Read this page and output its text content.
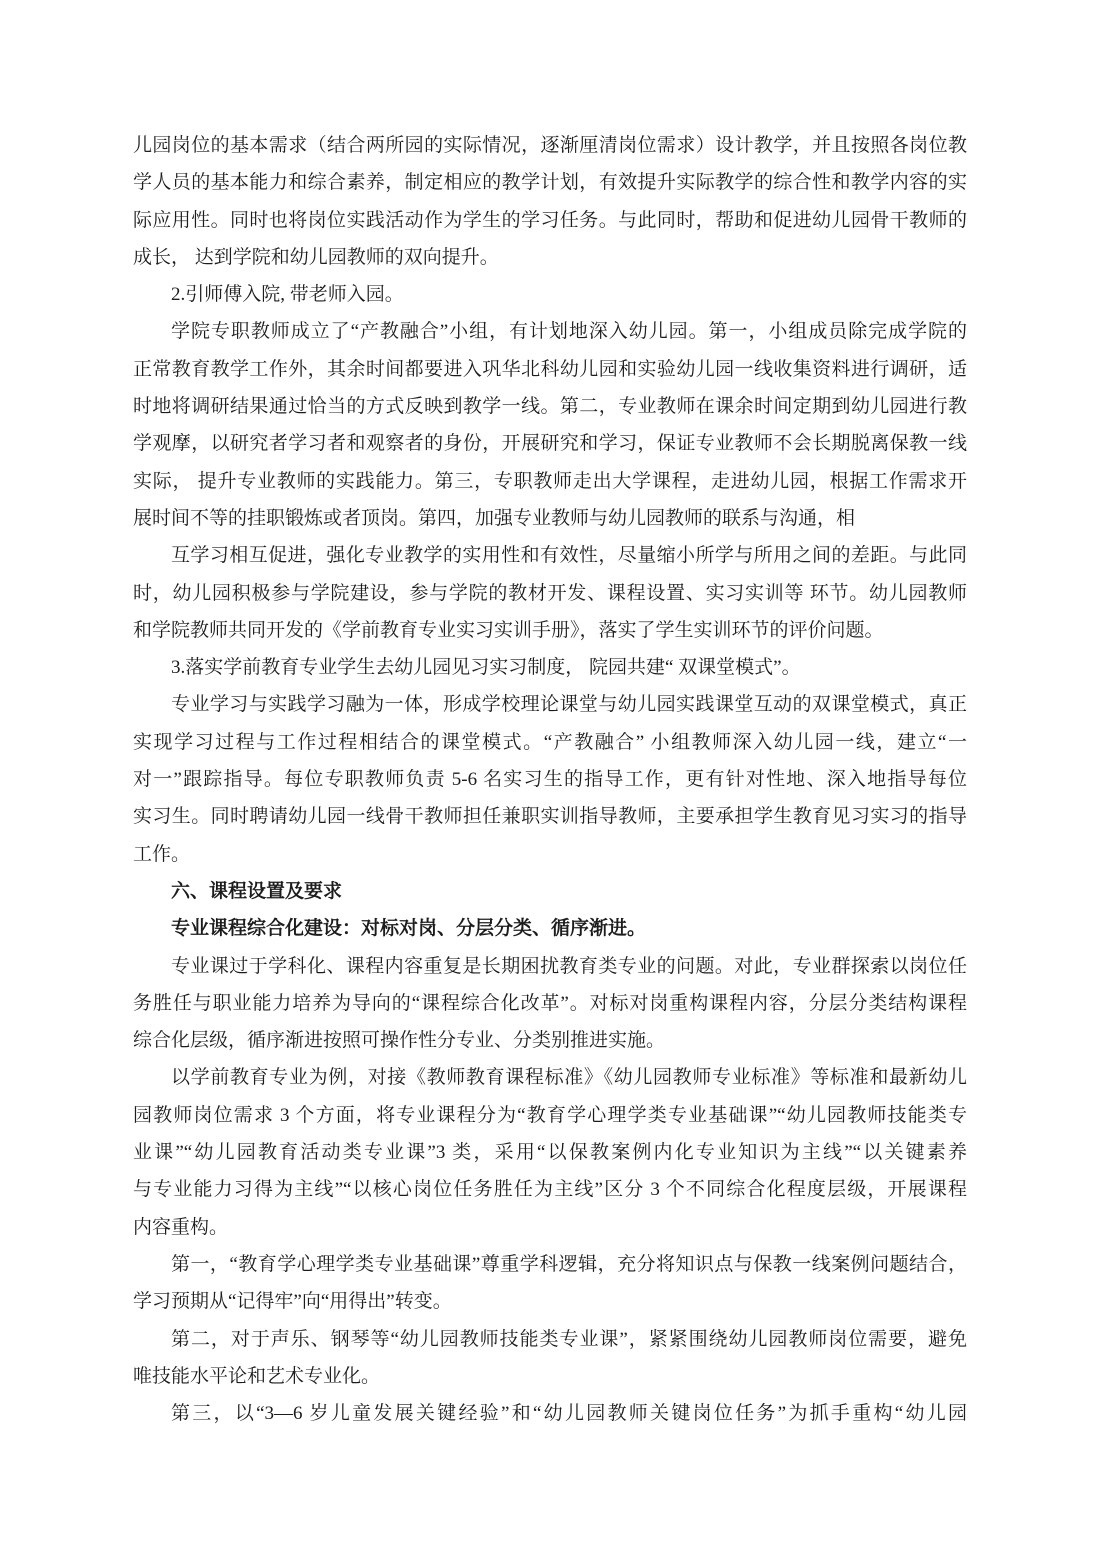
儿园岗位的基本需求（结合两所园的实际情况，逐渐厘清岗位需求）设计教学，并且按照各岗位教
学人员的基本能力和综合素养，制定相应的教学计划，有效提升实际教学的综合性和教学内容的实
际应用性。同时也将岗位实践活动作为学生的学习任务。与此同时，帮助和促进幼儿园骨干教师的
成长， 达到学院和幼儿园教师的双向提升。
2.引师傅入院, 带老师入园。
学院专职教师成立了“产教融合”小组，有计划地深入幼儿园。第一，小组成员除完成学院的
正常教育教学工作外，其余时间都要进入巩华北科幼儿园和实验幼儿园一线收集资料进行调研，适
时地将调研结果通过恰当的方式反映到教学一线。第二，专业教师在课余时间定期到幼儿园进行教
学观摩，以研究者学习者和观察者的身份，开展研究和学习，保证专业教师不会长期脱离保教一线
实际， 提升专业教师的实践能力。第三，专职教师走出大学课程，走进幼儿园，根据工作需求开
展时间不等的挂职锻炼或者顶岗。第四，加强专业教师与幼儿园教师的联系与沟通，相
互学习相互促进，强化专业教学的实用性和有效性，尽量缩小所学与所用之间的差距。与此同
时，幼儿园积极参与学院建设，参与学院的教材开发、课程设置、实习实训等 环节。幼儿园教师
和学院教师共同开发的《学前教育专业实习实训手册》，落实了学生实训环节的评价问题。
3.落实学前教育专业学生去幼儿园见习实习制度， 院园共建“ 双课堂模式”。
专业学习与实践学习融为一体，形成学校理论课堂与幼儿园实践课堂互动的双课堂模式，真正
实现学习过程与工作过程相结合的课堂模式。“产教融合” 小组教师深入幼儿园一线，建立“一
对一”跟踪指导。每位专职教师负责 5-6 名实习生的指导工作，更有针对性地、深入地指导每位
实习生。同时聘请幼儿园一线骨干教师担任兼职实训指导教师，主要承担学生教育见习实习的指导
工作。
六、课程设置及要求
专业课程综合化建设：对标对岗、分层分类、循序渐进。
专业课过于学科化、课程内容重复是长期困扰教育类专业的问题。对此，专业群探索以岗位任
务胜任与职业能力培养为导向的“课程综合化改革”。对标对岗重构课程内容，分层分类结构课程
综合化层级，循序渐进按照可操作性分专业、分类别推进实施。
以学前教育专业为例，对接《教师教育课程标准》《幼儿园教师专业标准》等标准和最新幼儿
园教师岗位需求 3 个方面，将专业课程分为“教育学心理学类专业基础课”“幼儿园教师技能类专
业课”“幼儿园教育活动类专业课”3 类，采用“以保教案例内化专业知识为主线”“以关键素养
与专业能力习得为主线”“以核心岗位任务胜任为主线”区分 3 个不同综合化程度层级，开展课程
内容重构。
第一，“教育学心理学类专业基础课”尊重学科逻辑，充分将知识点与保教一线案例问题结合，
学习预期从“记得牢”向“用得出”转变。
第二，对于声乐、钢琴等“幼儿园教师技能类专业课”，紧紧围绕幼儿园教师岗位需要，避免
唯技能水平论和艺术专业化。
第三，以“3—6 岁儿童发展关键经验”和“幼儿园教师关键岗位任务”为抓手重构“幼儿园
